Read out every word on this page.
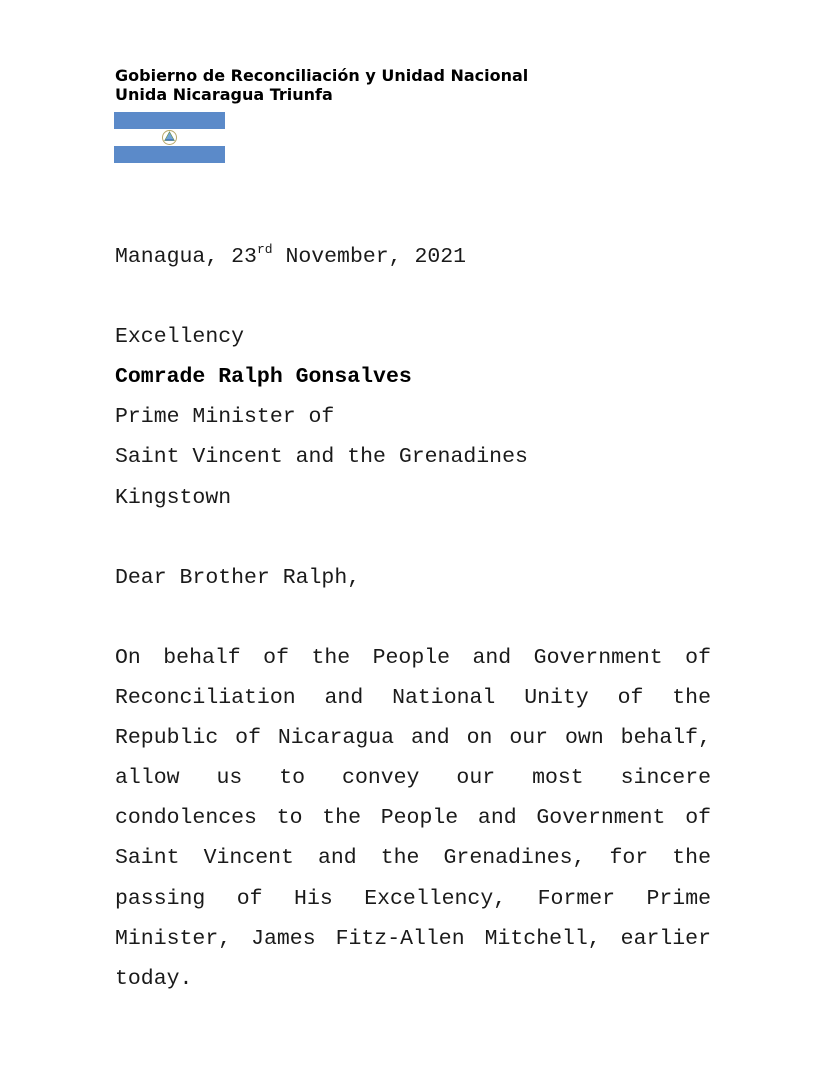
Gobierno de Reconciliación y Unidad Nacional
Unida Nicaragua Triunfa

Managua, 23rd November, 2021

Excellency

Comrade Ralph Gonsalves

Prime Minister of

Saint Vincent and the Grenadines

Kingstown

Dear Brother Ralph,

On behalf of the People and Government of Reconciliation and National Unity of the Republic of Nicaragua and on our own behalf, allow us to convey our most sincere condolences to the People and Government of Saint Vincent and the Grenadines, for the passing of His Excellency, Former Prime Minister, James Fitz-Allen Mitchell, earlier today.
